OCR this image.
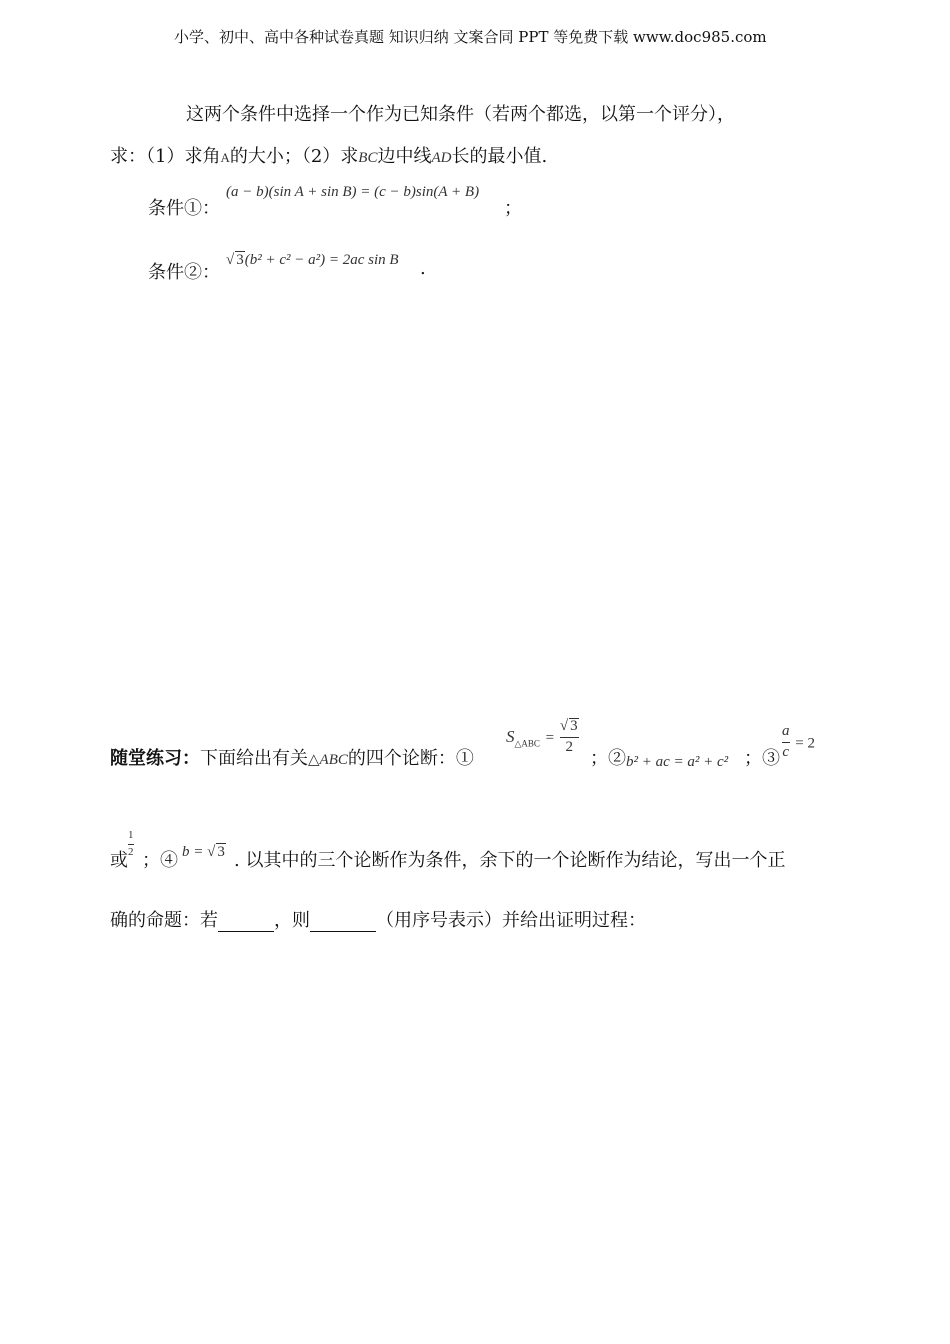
小学、初中、高中各种试卷真题 知识归纳 文案合同 PPT 等免费下载 www.doc985.com
这两个条件中选择一个作为已知条件（若两个都选，以第一个评分），
求：（1）求角A的大小；（2）求BC边中线AD长的最小值.
条件①：
(a − b)(sin A + sin B) = (c − b)sin(A + B)
；
条件②：
√ 3(b² + c² − a²) = 2ac sin B .
随堂练习：下面给出有关△ABC的四个论断：①
$S_{\triangle ABC} = \frac{√ 3}{2}$
；② b² + ac = a² + c² ；③ $\frac{a}{c} = 2$
或
$\frac{1}{2}$
；④ b = √ 3 . 以其中的三个论断作为条件，余下的一个论断作为结论，写出一个正
确的命题：若	，则	（用序号表示）并给出证明过程：
